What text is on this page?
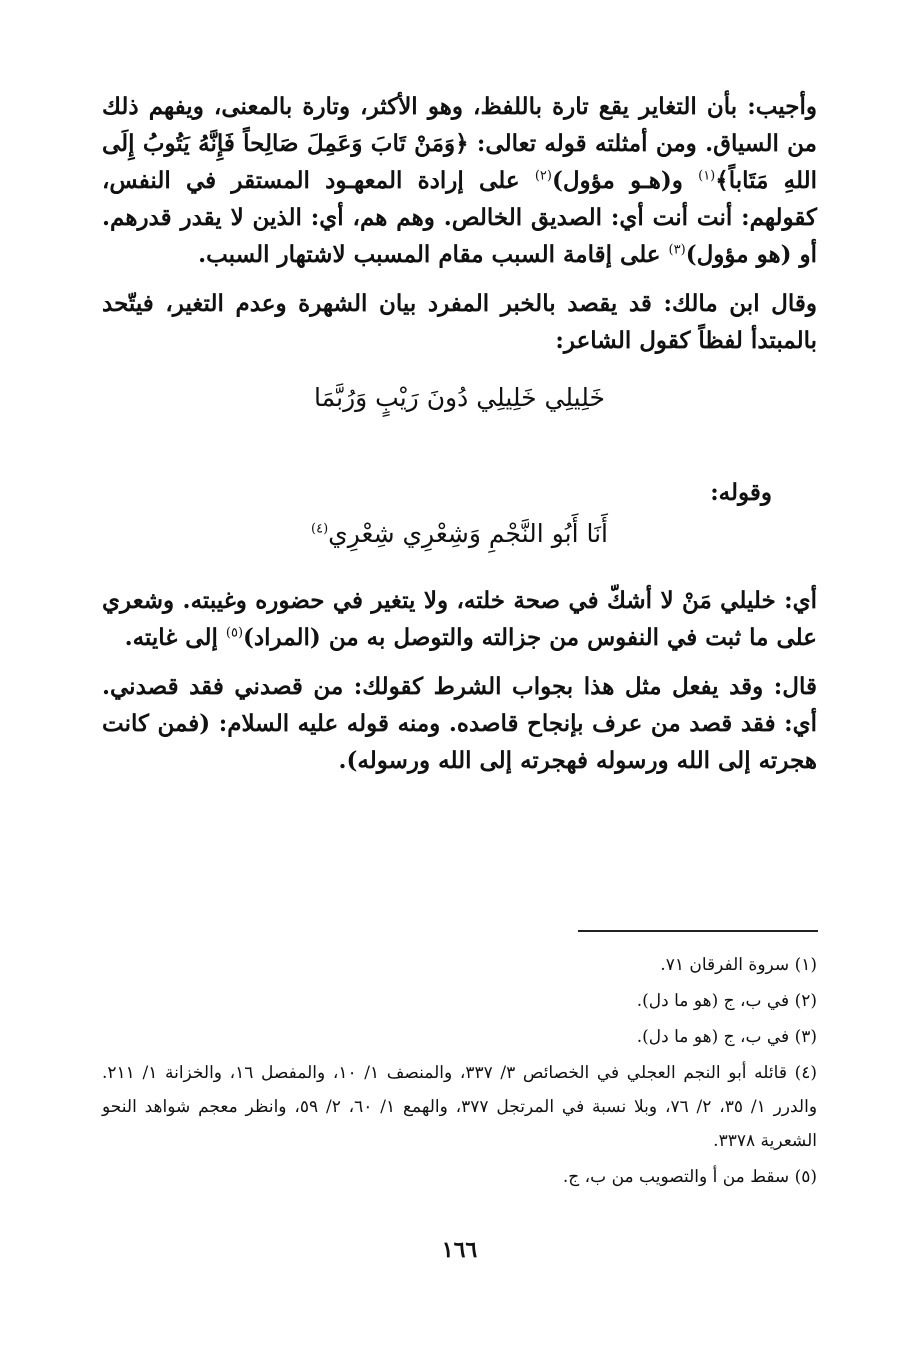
وأجيب: بأن التغاير يقع تارة باللفظ، وهو الأكثر، وتارة بالمعنى، ويفهم ذلك من السياق. ومن أمثلته قوله تعالى: ﴿وَمَنْ تَابَ وَعَمِلَ صَالِحاً فَإِنَّهُ يَتُوبُ إِلَى اللهِ مَتَاباً﴾$^{(١)}$ و(هـو مؤول)$^{(٢)}$ على إرادة المعهـود المستقر في النفس، كقولهم: أنت أنت أي: الصديق الخالص. وهم هم، أي: الذين لا يقدر قدرهم. أو (هو مؤول)$^{(٣)}$ على إقامة السبب مقام المسبب لاشتهار السبب.

وقال ابن مالك: قد يقصد بالخبر المفرد بيان الشهرة وعدم التغير، فيتّحد بالمبتدأ لفظاً كقول الشاعر:

خَلِيلِي خَلِيلِي دُونَ رَيْبٍ وَرُبَّمَا

وقوله:

أَنَا أَبُو النَّجْمِ وَشِعْرِي شِعْرِي$^{(٤)}$

أي: خليلي مَنْ لا أشكّ في صحة خلته، ولا يتغير في حضوره وغيبته. وشعري على ما ثبت في النفوس من جزالته والتوصل به من (المراد)$^{(٥)}$ إلى غايته.

قال: وقد يفعل مثل هذا بجواب الشرط كقولك: من قصدني فقد قصدني. أي: فقد قصد من عرف بإنجاح قاصده. ومنه قوله عليه السلام: (فمن كانت هجرته إلى الله ورسوله فهجرته إلى الله ورسوله).

(١) سروة الفرقان ٧١.

(٢) في ب، ج (هو ما دل).

(٣) في ب، ج (هو ما دل).

(٤) قائله أبو النجم العجلي في الخصائص ٣/ ٣٣٧، والمنصف ١/ ١٠، والمفصل ١٦، والخزانة ١/ ٢١١. والدرر ١/ ٣٥، ٢/ ٧٦، وبلا نسبة في المرتجل ٣٧٧، والهمع ١/ ٦٠، ٢/ ٥٩، وانظر معجم شواهد النحو الشعرية ٣٣٧٨.

(٥) سقط من أ والتصويب من ب، ج.

١٦٦
